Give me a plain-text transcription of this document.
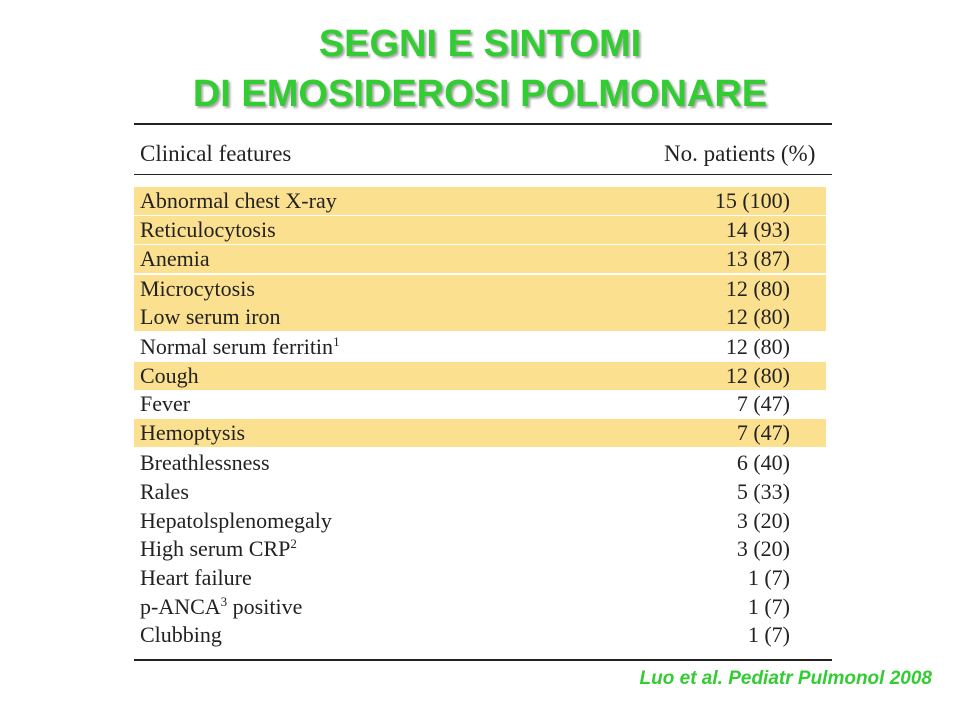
SEGNI E SINTOMI
DI EMOSIDEROSI POLMONARE
Clinical features	No. patients (%)
Abnormal chest X-ray	15 (100)
Reticulocytosis	14 (93)
Anemia	13 (87)
Microcytosis	12 (80)
Low serum iron	12 (80)
Normal serum ferritin$^1$	12 (80)
Cough	12 (80)
Fever	7 (47)
Hemoptysis	7 (47)
Breathlessness	6 (40)
Rales	5 (33)
Hepatolsplenomegaly	3 (20)
High serum CRP$^2$	3 (20)
Heart failure	1 (7)
p-ANCA$^3$ positive	1 (7)
Clubbing	1 (7)
Luo et al. Pediatr Pulmonol 2008
